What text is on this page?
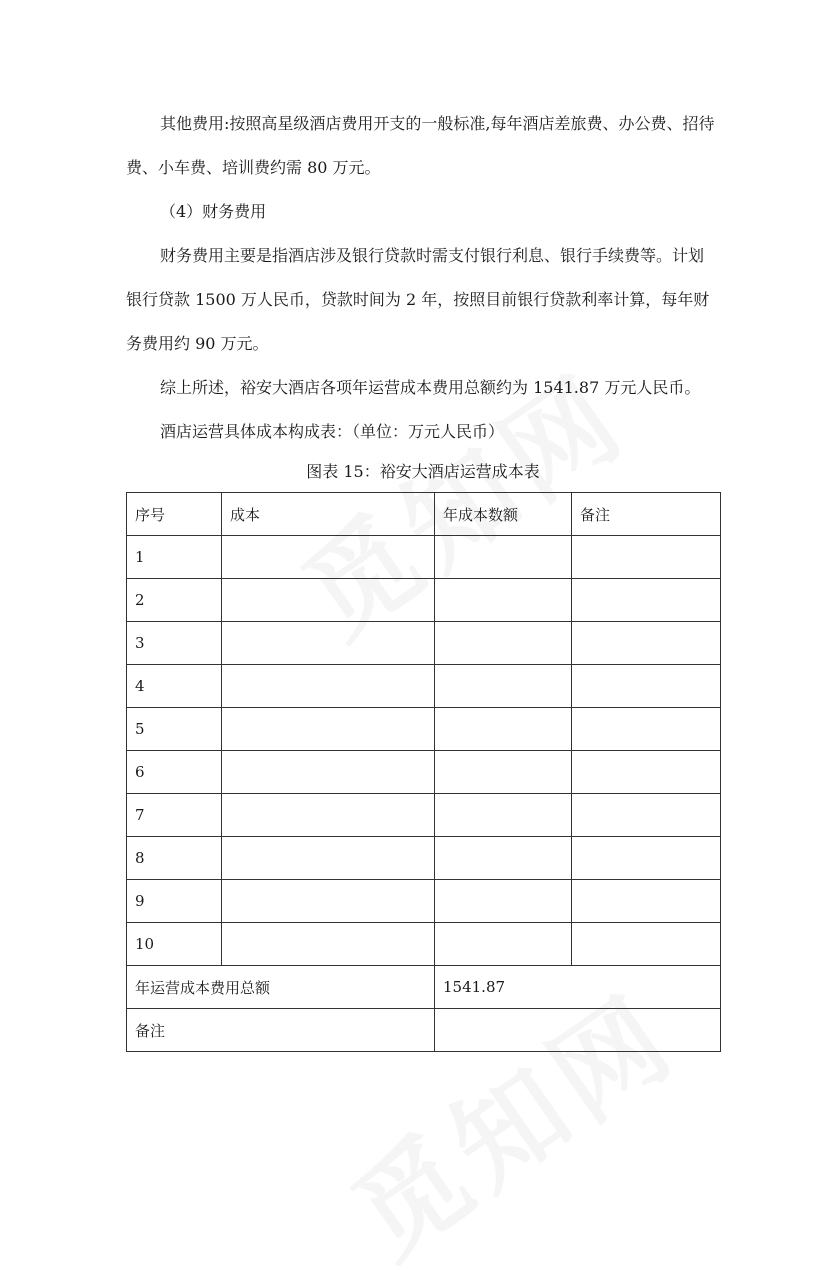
其他费用:按照高星级酒店费用开支的一般标准,每年酒店差旅费、办公费、招待费、小车费、培训费约需 80 万元。

（4）财务费用

财务费用主要是指酒店涉及银行贷款时需支付银行利息、银行手续费等。计划银行贷款 1500 万人民币，贷款时间为 2 年，按照目前银行贷款利率计算，每年财务费用约 90 万元。

综上所述，裕安大酒店各项年运营成本费用总额约为 1541.87 万元人民币。

酒店运营具体成本构成表：（单位：万元人民币）

图表 15：裕安大酒店运营成本表
序号	成本	年成本数额	备注
1			
2			
3			
4			
5			
6			
7			
8			
9			
10			
年运营成本费用总额		1541.87	
备注			
